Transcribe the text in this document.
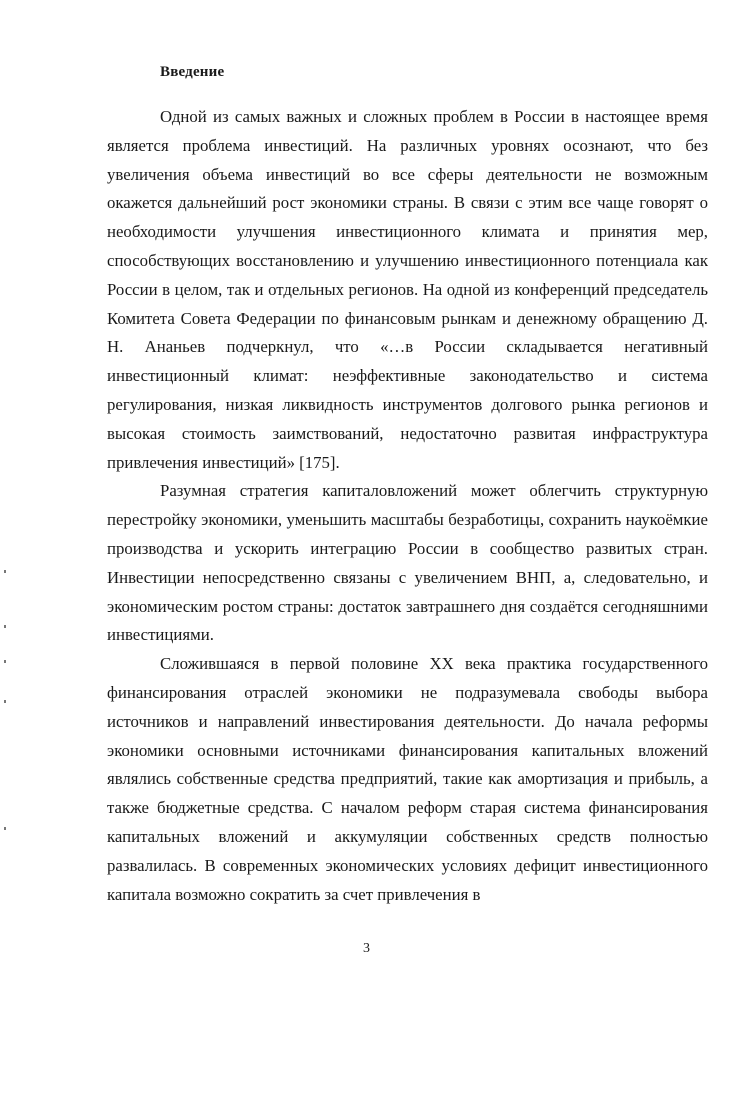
Введение

Одной из самых важных и сложных проблем в России в настоящее время является проблема инвестиций. На различных уровнях осознают, что без увеличения объема инвестиций во все сферы деятельности не возможным окажется дальнейший рост экономики страны. В связи с этим все чаще говорят о необходимости улучшения инвестиционного климата и принятия мер, способствующих восстановлению и улучшению инвестиционного потенциала как России в целом, так и отдельных регионов. На одной из конференций председатель Комитета Совета Федерации по финансовым рынкам и денежному обращению Д. Н. Ананьев подчеркнул, что «…в России складывается негативный инвестиционный климат: неэффективные законодательство и система регулирования, низкая ликвидность инструментов долгового рынка регионов и высокая стоимость заимствований, недостаточно развитая инфраструктура привлечения инвестиций» [175].

Разумная стратегия капиталовложений может облегчить структурную перестройку экономики, уменьшить масштабы безработицы, сохранить наукоёмкие производства и ускорить интеграцию России в сообщество развитых стран. Инвестиции непосредственно связаны с увеличением ВНП, а, следовательно, и экономическим ростом страны: достаток завтрашнего дня создаётся сегодняшними инвестициями.

Сложившаяся в первой половине XX века практика государственного финансирования отраслей экономики не подразумевала свободы выбора источников и направлений инвестирования деятельности. До начала реформы экономики основными источниками финансирования капитальных вложений являлись собственные средства предприятий, такие как амортизация и прибыль, а также бюджетные средства. С началом реформ старая система финансирования капитальных вложений и аккумуляции собственных средств полностью развалилась. В современных экономических условиях дефицит инвестиционного капитала возможно сократить за счет привлечения в

3
